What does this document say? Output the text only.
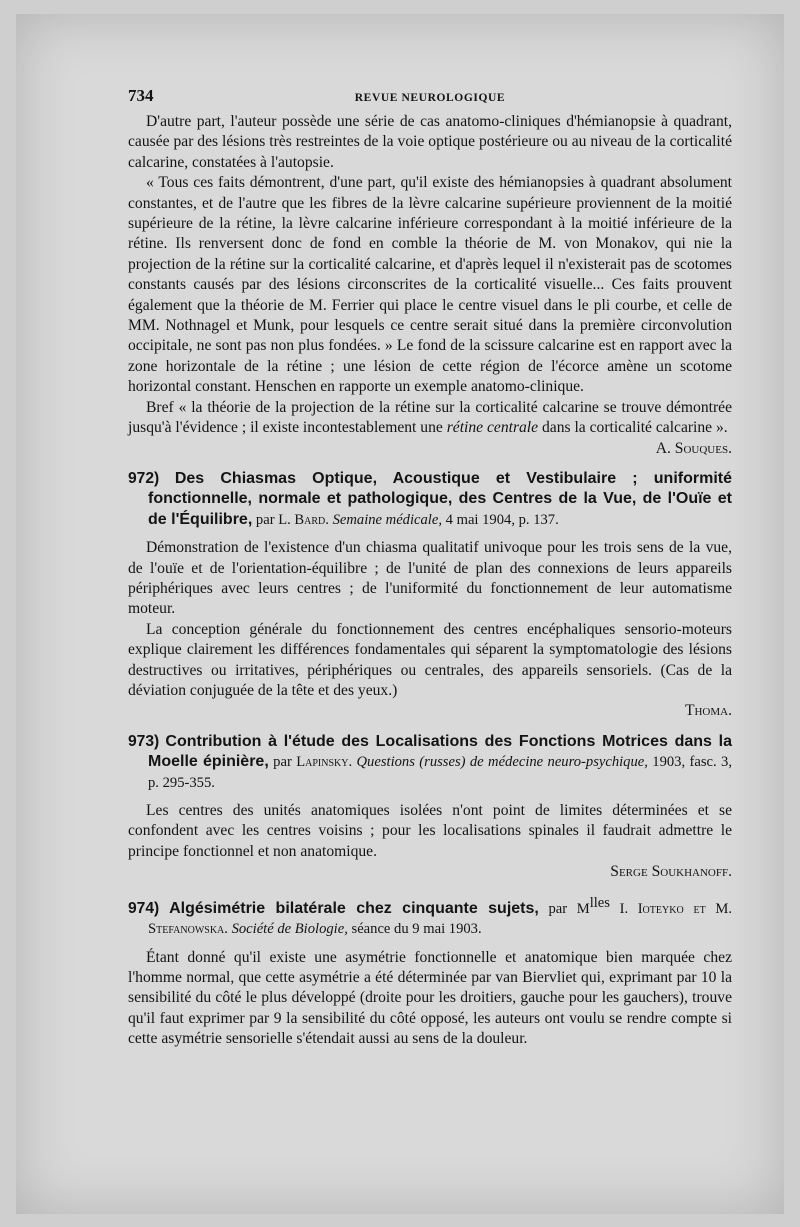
734	REVUE NEUROLOGIQUE

D'autre part, l'auteur possède une série de cas anatomo-cliniques d'hémianopsie à quadrant, causée par des lésions très restreintes de la voie optique postérieure ou au niveau de la corticalité calcarine, constatées à l'autopsie.

« Tous ces faits démontrent, d'une part, qu'il existe des hémianopsies à quadrant absolument constantes, et de l'autre que les fibres de la lèvre calcarine supérieure proviennent de la moitié supérieure de la rétine, la lèvre calcarine inférieure correspondant à la moitié inférieure de la rétine. Ils renversent donc de fond en comble la théorie de M. von Monakov, qui nie la projection de la rétine sur la corticalité calcarine, et d'après lequel il n'existerait pas de scotomes constants causés par des lésions circonscrites de la corticalité visuelle... Ces faits prouvent également que la théorie de M. Ferrier qui place le centre visuel dans le pli courbe, et celle de MM. Nothnagel et Munk, pour lesquels ce centre serait situé dans la première circonvolution occipitale, ne sont pas non plus fondées. » Le fond de la scissure calcarine est en rapport avec la zone horizontale de la rétine ; une lésion de cette région de l'écorce amène un scotome horizontal constant. Henschen en rapporte un exemple anatomo-clinique.

Bref « la théorie de la projection de la rétine sur la corticalité calcarine se trouve démontrée jusqu'à l'évidence ; il existe incontestablement une rétine centrale dans la corticalité calcarine ».

A. Souques.

972) Des Chiasmas Optique, Acoustique et Vestibulaire ; uniformité fonctionnelle, normale et pathologique, des Centres de la Vue, de l'Ouïe et de l'Équilibre, par L. Bard. Semaine médicale, 4 mai 1904, p. 137.

Démonstration de l'existence d'un chiasma qualitatif univoque pour les trois sens de la vue, de l'ouïe et de l'orientation-équilibre ; de l'unité de plan des connexions de leurs appareils périphériques avec leurs centres ; de l'uniformité du fonctionnement de leur automatisme moteur.

La conception générale du fonctionnement des centres encéphaliques sensorio-moteurs explique clairement les différences fondamentales qui séparent la symptomatologie des lésions destructives ou irritatives, périphériques ou centrales, des appareils sensoriels. (Cas de la déviation conjuguée de la tête et des yeux.)

Thoma.

973) Contribution à l'étude des Localisations des Fonctions Motrices dans la Moelle épinière, par Lapinsky. Questions (russes) de médecine neuro-psychique, 1903, fasc. 3, p. 295-355.

Les centres des unités anatomiques isolées n'ont point de limites déterminées et se confondent avec les centres voisins ; pour les localisations spinales il faudrait admettre le principe fonctionnel et non anatomique.

Serge Soukhanoff.

974) Algésimétrie bilatérale chez cinquante sujets, par M$^{lles}$ I. Ioteyko et M. Stefanowska. Société de Biologie, séance du 9 mai 1903.

Étant donné qu'il existe une asymétrie fonctionnelle et anatomique bien marquée chez l'homme normal, que cette asymétrie a été déterminée par van Biervliet qui, exprimant par 10 la sensibilité du côté le plus développé (droite pour les droitiers, gauche pour les gauchers), trouve qu'il faut exprimer par 9 la sensibilité du côté opposé, les auteurs ont voulu se rendre compte si cette asymétrie sensorielle s'étendait aussi au sens de la douleur.
